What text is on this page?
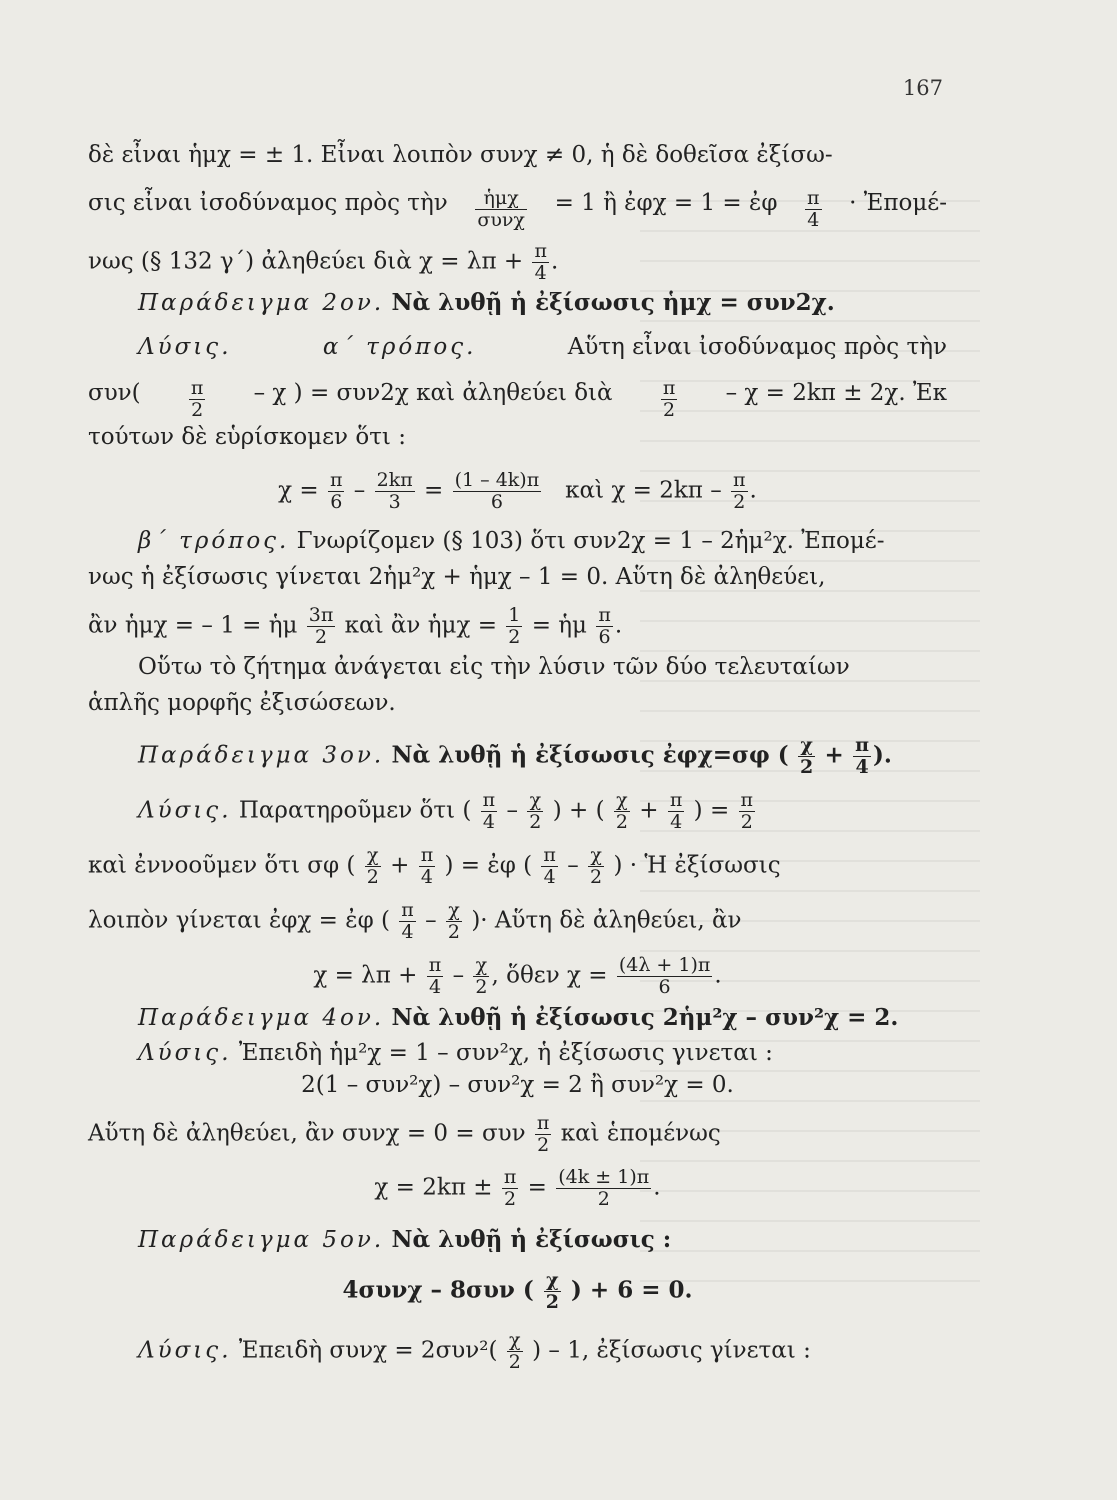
167
δὲ εἶναι ἡμχ = ± 1. Εἶναι λοιπὸν συνχ ≠ 0, ἡ δὲ δοθεῖσα ἐξίσω-
σις εἶναι ἰσοδύναμος πρὸς τὴν $\frac{\text{ἡμχ}}{\text{συνχ}} = 1$ ἢ ἐφχ = 1 = ἐφ $\frac{\pi}{4}$ · Ἐπομέ-
νως (§ 132 γ΄) ἀληθεύει διὰ $\chi = \lambda\pi + \frac{\pi}{4}$ .
Παράδειγμα 2ον. Νὰ λυθῇ ἡ ἐξίσωσις ἡμχ = συν2χ.
Λύσις.	α΄ τρόπος.	Αὕτη εἶναι ἰσοδύναμος πρὸς τὴν
συν(	$\frac{\pi}{2}$ – χ ) = συν2χ καὶ ἀληθεύει διὰ	$\frac{\pi}{2} - \chi = 2k\pi \pm 2\chi$. Ἐκ
τούτων δὲ εὑρίσκομεν ὅτι :
$\chi = \frac{\pi}{6} - \frac{2k\pi}{3} = \frac{(1 - 4k)\pi}{6}$ καὶ $\chi = 2k\pi - \frac{\pi}{2}$ .
β΄ τρόπος. Γνωρίζομεν (§ 103) ὅτι συν2χ = 1 – 2ἡμ²χ. Ἐπομέ-
νως ἡ ἐξίσωσις γίνεται 2ἡμ²χ + ἡμχ – 1 = 0. Αὕτη δὲ ἀληθεύει,
ἂν ἡμχ = – 1 = ἡμ $\frac{3\pi}{2}$ καὶ ἂν ἡμχ = $\frac{1}{2}$ = ἡμ $\frac{\pi}{6}$ .
Οὕτω τὸ ζήτημα ἀνάγεται εἰς τὴν λύσιν τῶν δύο τελευταίων
ἁπλῆς μορφῆς ἐξισώσεων.
Παράδειγμα 3ον. Νὰ λυθῇ ἡ ἐξίσωσις ἐφχ=σφ ( $\frac{\chi}{2} + \frac{\pi}{4}$ ).
Λύσις. Παρατηροῦμεν ὅτι ( $\frac{\pi}{4} - \frac{\chi}{2}$ ) + ( $\frac{\chi}{2} + \frac{\pi}{4}$ ) = $\frac{\pi}{2}$
καὶ ἐννοοῦμεν ὅτι σφ ( $\frac{\chi}{2} + \frac{\pi}{4}$ ) = ἐφ ( $\frac{\pi}{4} - \frac{\chi}{2}$ ) · Ἡ ἐξίσωσις
λοιπὸν γίνεται ἐφχ = ἐφ ( $\frac{\pi}{4} - \frac{\chi}{2}$ )· Αὕτη δὲ ἀληθεύει, ἂν
$\chi = \lambda\pi + \frac{\pi}{4} - \frac{\chi}{2}$ , ὅθεν $\chi = \frac{(4\lambda + 1)\pi}{6}$ .
Παράδειγμα 4ον. Νὰ λυθῇ ἡ ἐξίσωσις 2ἡμ²χ – συν²χ = 2.
Λύσις. Ἐπειδὴ ἡμ²χ = 1 – συν²χ, ἡ ἐξίσωσις γινεται :
2(1 – συν²χ) – συν²χ = 2 ἢ συν²χ = 0.
Αὕτη δὲ ἀληθεύει, ἂν συνχ = 0 = συν $\frac{\pi}{2}$ καὶ ἑπομένως
$\chi = 2k\pi \pm \frac{\pi}{2} = \frac{(4k \pm 1)\pi}{2}$ .
Παράδειγμα 5ον. Νὰ λυθῇ ἡ ἐξίσωσις :
4συνχ – 8συν ( $\frac{\chi}{2}$ ) + 6 = 0.
Λύσις. Ἐπειδὴ $\sigma\upsilon\nu\chi = 2\sigma\upsilon\nu^2( \frac{\chi}{2}$ ) – 1, ἐξίσωσις γίνεται :
